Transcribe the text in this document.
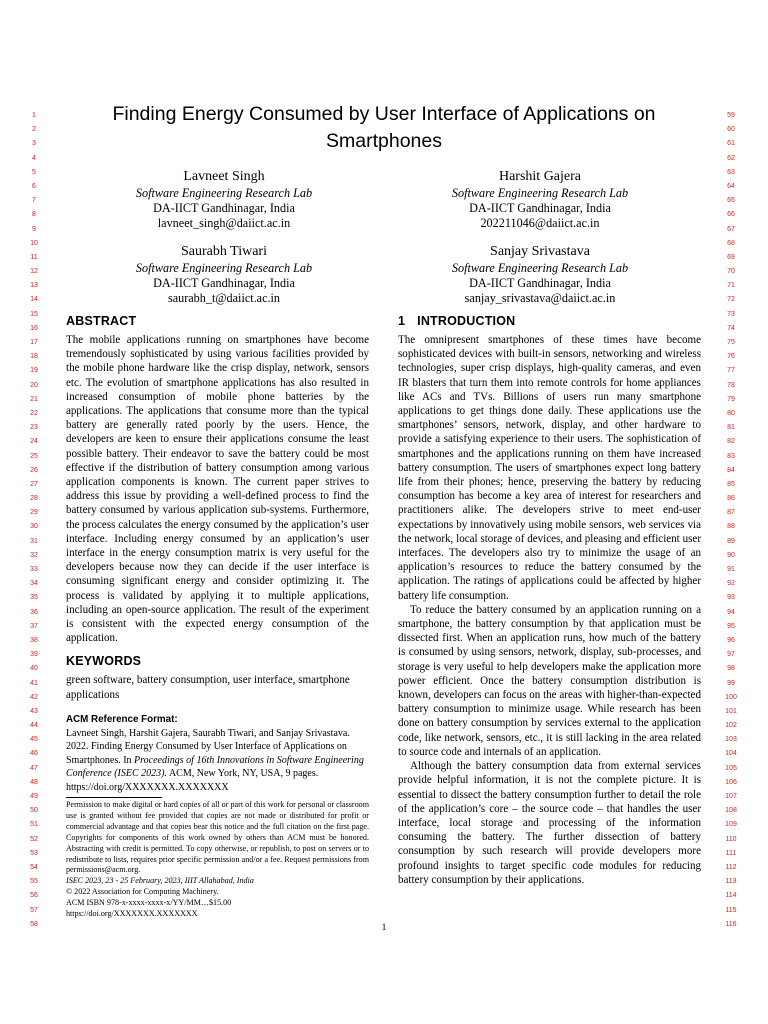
1
2
3
4
5
6
7
8
9
10
11
12
13
14
15
16
17
18
19
20
21
22
23
24
25
26
27
28
29
30
31
32
33
34
35
36
37
38
39
40
41
42
43
44
45
46
47
48
49
50
51
52
53
54
55
56
57
58
59
60
61
62
63
64
65
66
67
68
69
70
71
72
73
74
75
76
77
78
79
80
81
82
83
84
85
86
87
88
89
90
91
92
93
94
95
96
97
98
99
100
101
102
103
104
105
106
107
108
109
110
111
112
113
114
115
116
Finding Energy Consumed by User Interface of Applications on Smartphones
Lavneet Singh
Software Engineering Research Lab
DA-IICT Gandhinagar, India
lavneet_singh@daiict.ac.in
Harshit Gajera
Software Engineering Research Lab
DA-IICT Gandhinagar, India
202211046@daiict.ac.in
Saurabh Tiwari
Software Engineering Research Lab
DA-IICT Gandhinagar, India
saurabh_t@daiict.ac.in
Sanjay Srivastava
Software Engineering Research Lab
DA-IICT Gandhinagar, India
sanjay_srivastava@daiict.ac.in
ABSTRACT

The mobile applications running on smartphones have become tremendously sophisticated by using various facilities provided by the mobile phone hardware like the crisp display, network, sensors etc. The evolution of smartphone applications has also resulted in increased consumption of mobile phone batteries by the applications. The applications that consume more than the typical battery are generally rated poorly by the users. Hence, the developers are keen to ensure their applications consume the least possible battery. Their endeavor to save the battery could be most effective if the distribution of battery consumption among various application components is known. The current paper strives to address this issue by providing a well-defined process to find the battery consumed by various application sub-systems. Furthermore, the process calculates the energy consumed by the application’s user interface. Including energy consumed by an application’s user interface in the energy consumption matrix is very useful for the developers because now they can decide if the user interface is consuming significant energy and consider optimizing it. The process is validated by applying it to multiple applications, including an open-source application. The result of the experiment is consistent with the expected energy consumption of the application.

KEYWORDS

green software, battery consumption, user interface, smartphone applications

ACM Reference Format:

Lavneet Singh, Harshit Gajera, Saurabh Tiwari, and Sanjay Srivastava. 2022. Finding Energy Consumed by User Interface of Applications on Smartphones. In Proceedings of 16th Innovations in Software Engineering Conference (ISEC 2023). ACM, New York, NY, USA, 9 pages. https://doi.org/XXXXXXX.XXXXXXX

Permission to make digital or hard copies of all or part of this work for personal or classroom use is granted without fee provided that copies are not made or distributed for profit or commercial advantage and that copies bear this notice and the full citation on the first page. Copyrights for components of this work owned by others than ACM must be honored. Abstracting with credit is permitted. To copy otherwise, or republish, to post on servers or to redistribute to lists, requires prior specific permission and/or a fee. Request permissions from permissions@acm.org.
ISEC 2023, 23 - 25 February, 2023, IIIT Allahabad, India
© 2022 Association for Computing Machinery.
ACM ISBN 978-x-xxxx-xxxx-x/YY/MM…$15.00
https://doi.org/XXXXXXX.XXXXXXX
1 INTRODUCTION

The omnipresent smartphones of these times have become sophisticated devices with built-in sensors, networking and wireless technologies, super crisp displays, high-quality cameras, and even IR blasters that turn them into remote controls for home appliances like ACs and TVs. Billions of users run many smartphone applications to get things done daily. These applications use the smartphones’ sensors, network, display, and other hardware to provide a satisfying experience to their users. The sophistication of smartphones and the applications running on them have increased battery consumption. The users of smartphones expect long battery life from their phones; hence, preserving the battery by reducing consumption has become a key area of interest for researchers and practitioners alike. The developers strive to meet end-user expectations by innovatively using mobile sensors, web services via the network, local storage of devices, and pleasing and efficient user interfaces. The developers also try to minimize the usage of an application’s resources to reduce the battery consumed by the application. The ratings of applications could be affected by higher battery life consumption.

To reduce the battery consumed by an application running on a smartphone, the battery consumption by that application must be dissected first. When an application runs, how much of the battery is consumed by using sensors, network, display, sub-processes, and storage is very useful to help developers make the application more power efficient. Once the battery consumption distribution is known, developers can focus on the areas with higher-than-expected battery consumption to minimize usage. While research has been done on battery consumption by services external to the application code, like network, sensors, etc., it is still lacking in the area related to source code and internals of an application.

Although the battery consumption data from external services provide helpful information, it is not the complete picture. It is essential to dissect the battery consumption further to detail the role of the application’s core – the source code – that handles the user interface, local storage and processing of the information consuming the battery. The further dissection of battery consumption by such research will provide developers more profound insights to target specific code modules for reducing battery consumption by their applications.

1
